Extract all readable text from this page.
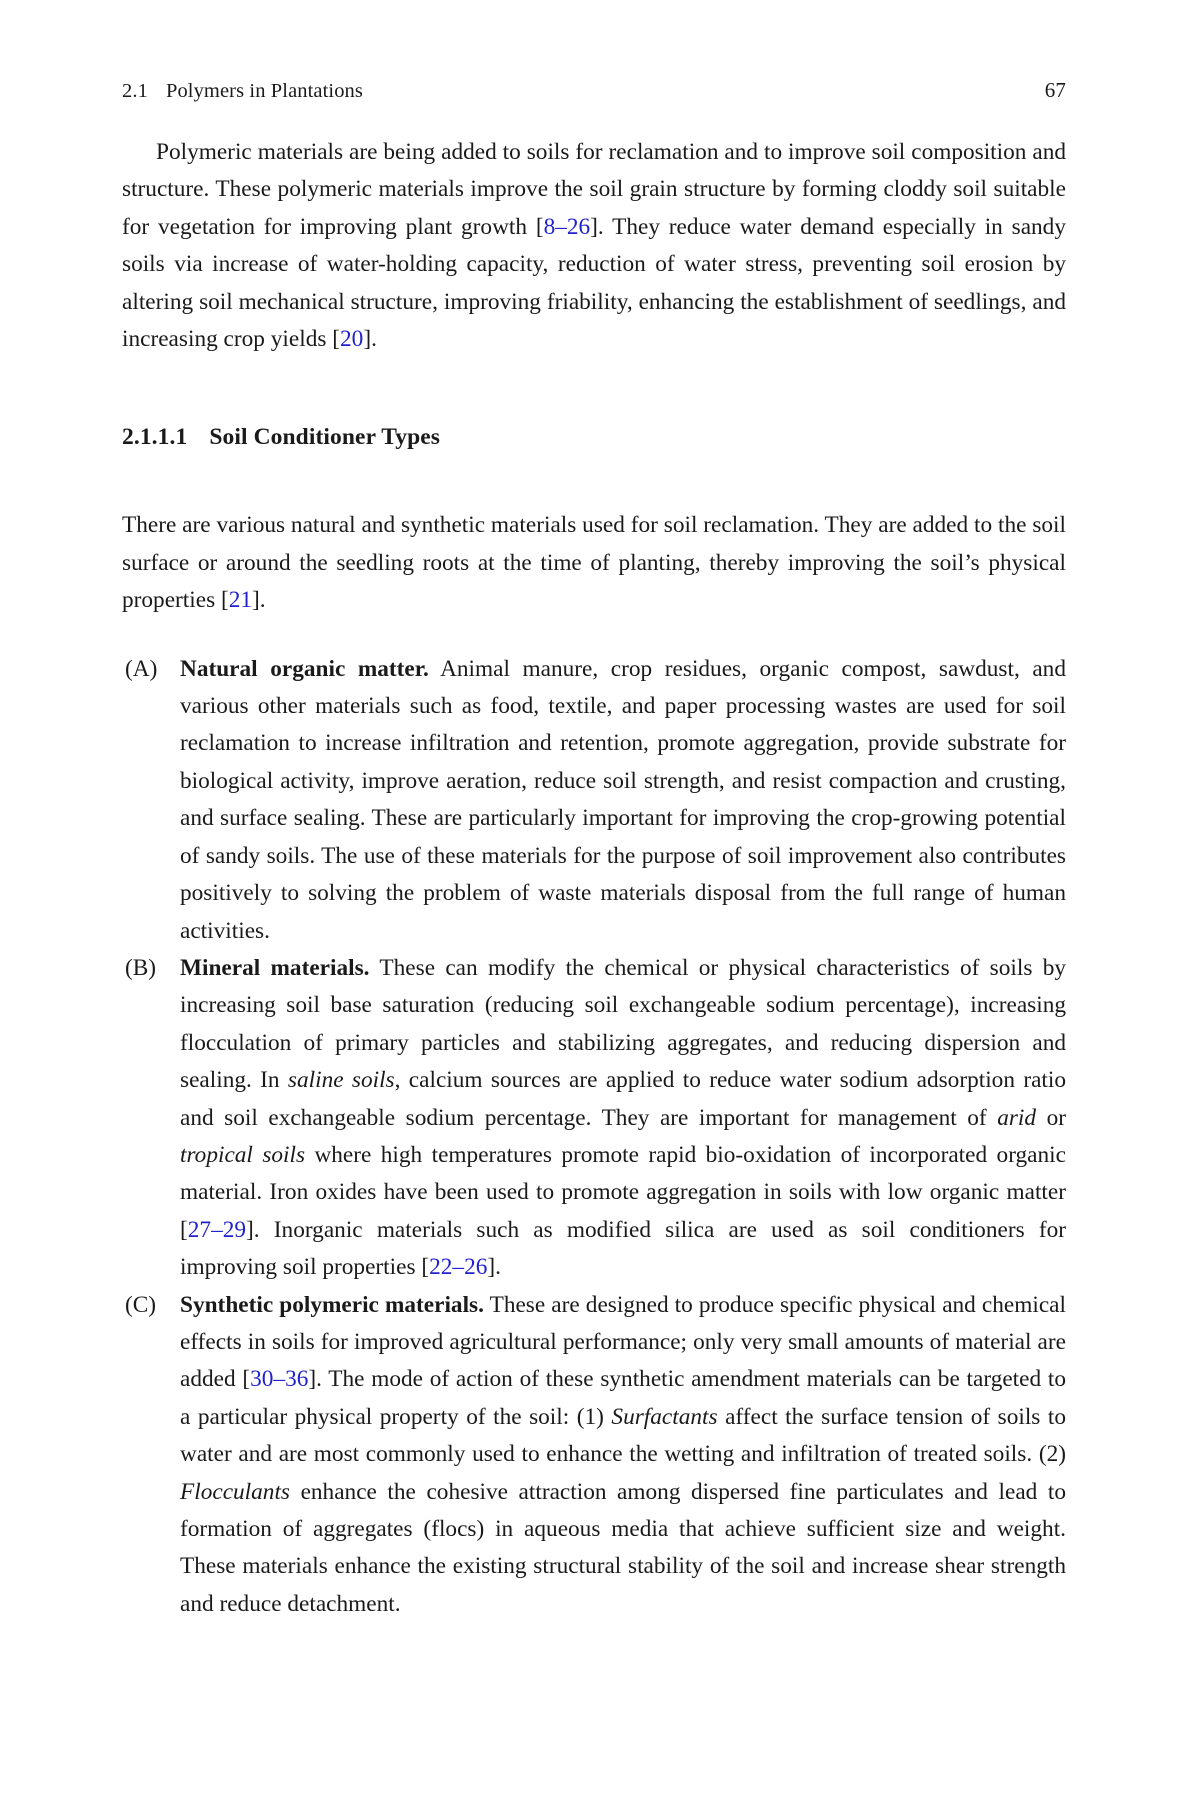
2.1 Polymers in Plantations	67

Polymeric materials are being added to soils for reclamation and to improve soil composition and structure. These polymeric materials improve the soil grain structure by forming cloddy soil suitable for vegetation for improving plant growth [8–26]. They reduce water demand especially in sandy soils via increase of water-holding capacity, reduction of water stress, preventing soil erosion by altering soil mechanical structure, improving friability, enhancing the establishment of seedlings, and increasing crop yields [20].

2.1.1.1 Soil Conditioner Types

There are various natural and synthetic materials used for soil reclamation. They are added to the soil surface or around the seedling roots at the time of planting, thereby improving the soil’s physical properties [21].

(A) Natural organic matter. Animal manure, crop residues, organic compost, sawdust, and various other materials such as food, textile, and paper processing wastes are used for soil reclamation to increase infiltration and retention, promote aggregation, provide substrate for biological activity, improve aeration, reduce soil strength, and resist compaction and crusting, and surface sealing. These are particularly important for improving the crop-growing potential of sandy soils. The use of these materials for the purpose of soil improvement also contributes positively to solving the problem of waste materials disposal from the full range of human activities.
(B)	Mineral materials. These can modify the chemical or physical characteristics of soils by increasing soil base saturation (reducing soil exchangeable sodium percentage), increasing flocculation of primary particles and stabilizing aggregates, and reducing dispersion and sealing. In saline soils, calcium sources are applied to reduce water sodium adsorption ratio and soil exchangeable sodium percentage. They are important for management of arid or tropical soils where high temperatures promote rapid bio-oxidation of incorporated organic material. Iron oxides have been used to promote aggregation in soils with low organic matter [27–29]. Inorganic materials such as modified silica are used as soil conditioners for improving soil properties [22–26].
(C)	Synthetic polymeric materials. These are designed to produce specific physical and chemical effects in soils for improved agricultural performance; only very small amounts of material are added [30–36]. The mode of action of these synthetic amendment materials can be targeted to a particular physical property of the soil: (1) Surfactants affect the surface tension of soils to water and are most commonly used to enhance the wetting and infiltration of treated soils. (2) Flocculants enhance the cohesive attraction among dispersed fine particulates and lead to formation of aggregates (flocs) in aqueous media that achieve sufficient size and weight. These materials enhance the existing structural stability of the soil and increase shear strength and reduce detachment.
